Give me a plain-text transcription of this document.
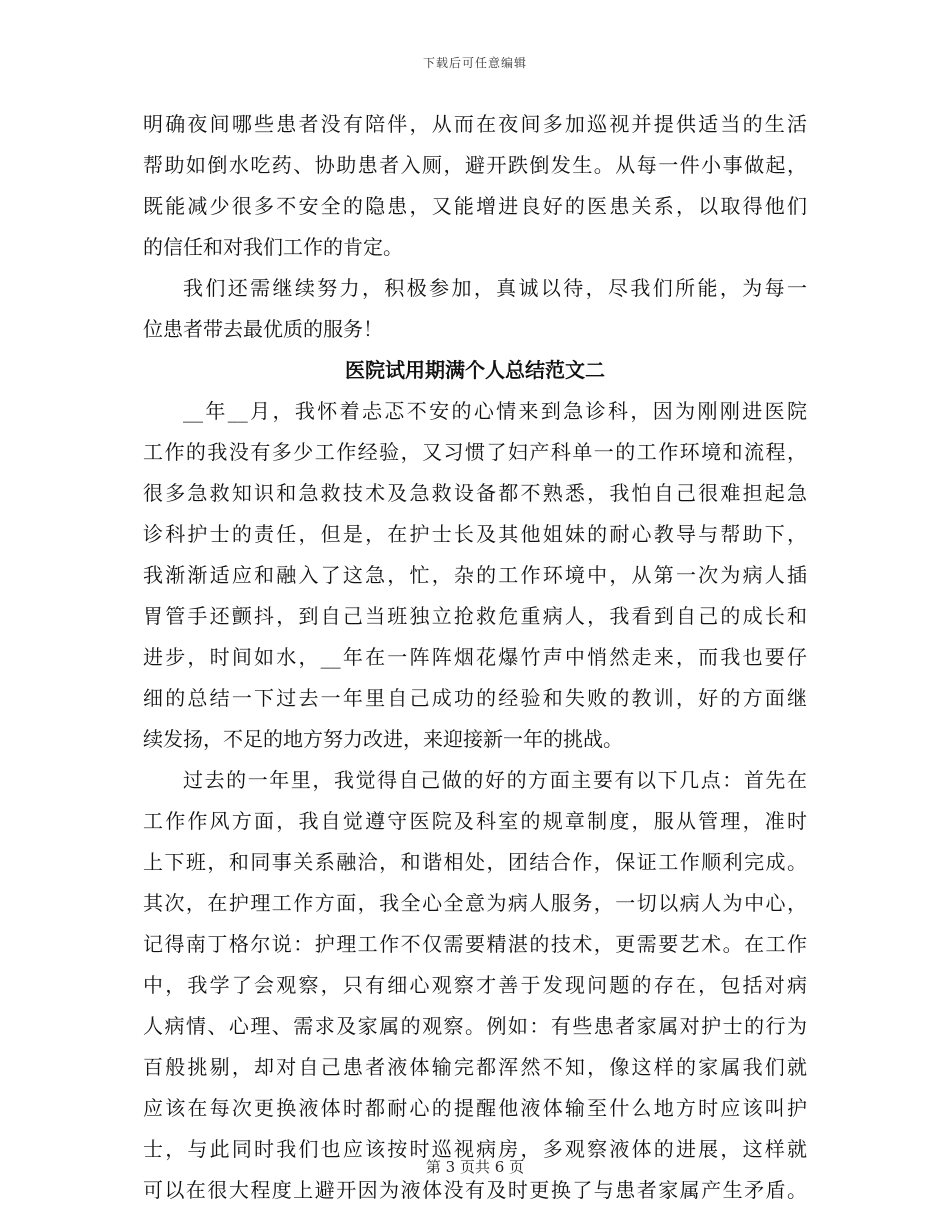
下载后可任意编辑
明确夜间哪些患者没有陪伴，从而在夜间多加巡视并提供适当的生活
帮助如倒水吃药、协助患者入厕，避开跌倒发生。从每一件小事做起，
既能减少很多不安全的隐患，又能增进良好的医患关系，以取得他们
的信任和对我们工作的肯定。
我们还需继续努力，积极参加，真诚以待，尽我们所能，为每一
位患者带去最优质的服务！
医院试用期满个人总结范文二
__年__月，我怀着忐忑不安的心情来到急诊科，因为刚刚进医院
工作的我没有多少工作经验，又习惯了妇产科单一的工作环境和流程，
很多急救知识和急救技术及急救设备都不熟悉，我怕自己很难担起急
诊科护士的责任，但是，在护士长及其他姐妹的耐心教导与帮助下，
我渐渐适应和融入了这急，忙，杂的工作环境中，从第一次为病人插
胃管手还颤抖，到自己当班独立抢救危重病人，我看到自己的成长和
进步，时间如水，__年在一阵阵烟花爆竹声中悄然走来，而我也要仔
细的总结一下过去一年里自己成功的经验和失败的教训，好的方面继
续发扬，不足的地方努力改进，来迎接新一年的挑战。
过去的一年里，我觉得自己做的好的方面主要有以下几点：首先在
工作作风方面，我自觉遵守医院及科室的规章制度，服从管理，准时
上下班，和同事关系融洽，和谐相处，团结合作，保证工作顺利完成。
其次，在护理工作方面，我全心全意为病人服务，一切以病人为中心，
记得南丁格尔说：护理工作不仅需要精湛的技术，更需要艺术。在工作
中，我学了会观察，只有细心观察才善于发现问题的存在，包括对病
人病情、心理、需求及家属的观察。例如：有些患者家属对护士的行为
百般挑剔，却对自己患者液体输完都浑然不知，像这样的家属我们就
应该在每次更换液体时都耐心的提醒他液体输至什么地方时应该叫护
士，与此同时我们也应该按时巡视病房，多观察液体的进展，这样就
可以在很大程度上避开因为液体没有及时更换了与患者家属产生矛盾。
第 3 页共 6 页
